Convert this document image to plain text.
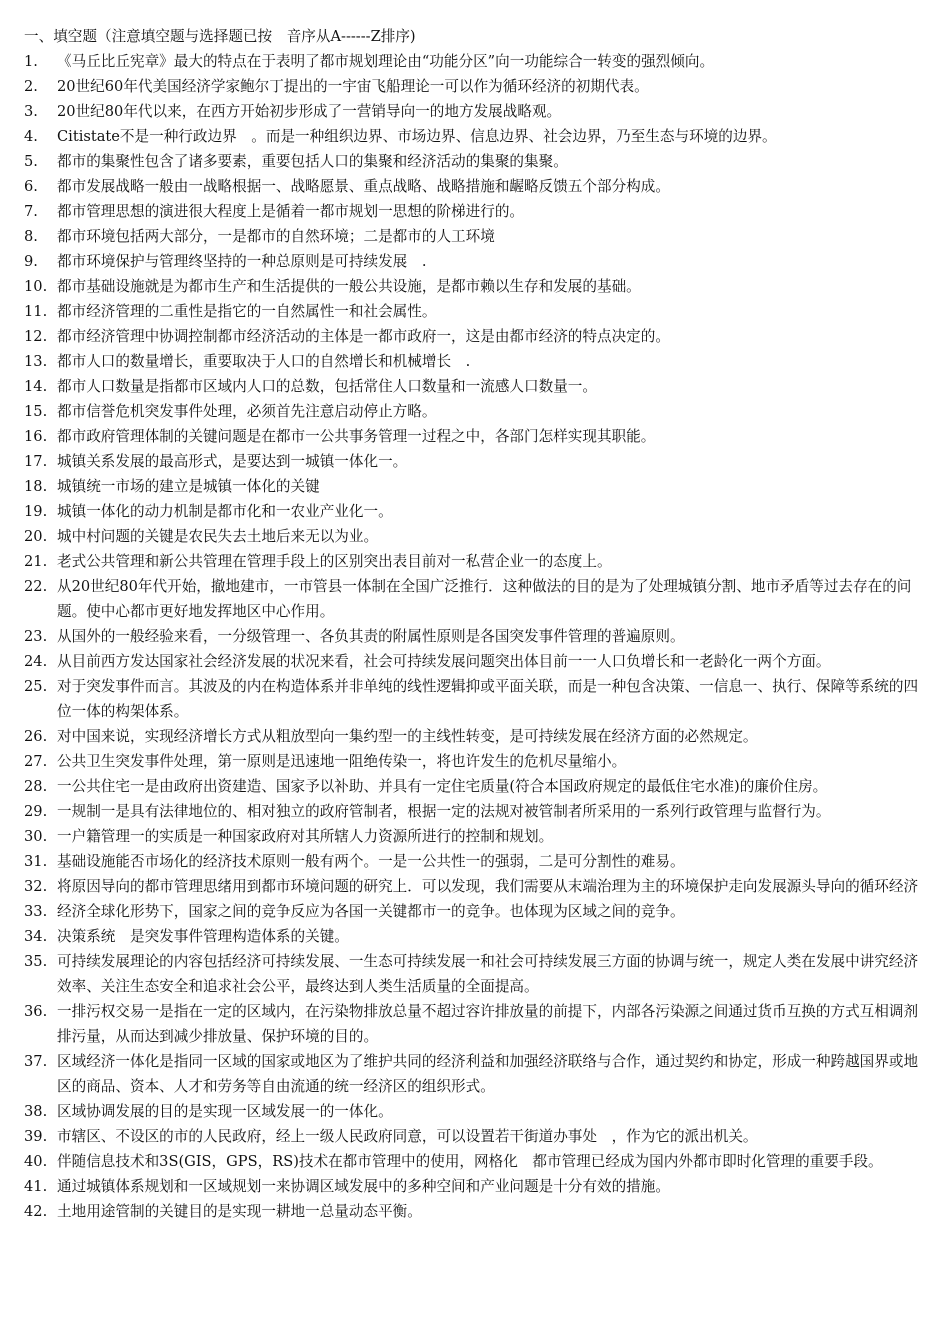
一、填空题（注意填空题与选择题已按　音序从A------Z排序)
1.	《马丘比丘宪章》最大的特点在于表明了都市规划理论由“功能分区”向一功能综合一转变的强烈倾向。
2.	20世纪60年代美国经济学家鲍尔丁提出的一宇宙飞船理论一可以作为循环经济的初期代表。
3.	20世纪80年代以来，在西方开始初步形成了一营销导向一的地方发展战略观。
4.	Citistate不是一种行政边界　。而是一种组织边界、市场边界、信息边界、社会边界，乃至生态与环境的边界。
5.	都市的集聚性包含了诸多要素，重要包括人口的集聚和经济活动的集聚的集聚。
6.	都市发展战略一般由一战略根据一、战略愿景、重点战略、战略措施和龌略反馈五个部分构成。
7.	都市管理思想的演进很大程度上是循着一都市规划一思想的阶梯进行的。
8.	都市环境包括两大部分，一是都市的自然环境；二是都市的人工环境
9.	都市环境保护与管理终坚持的一种总原则是可持续发展　.
10. 都市基础设施就是为都市生产和生活提供的一般公共设施，是都市赖以生存和发展的基础。
11. 都市经济管理的二重性是指它的一自然属性一和社会属性。
12. 都市经济管理中协调控制都市经济活动的主体是一都市政府一，这是由都市经济的特点决定的。
13. 都市人口的数量增长，重要取决于人口的自然增长和机械增长　.
14. 都市人口数量是指都市区域内人口的总数，包括常住人口数量和一流感人口数量一。
15. 都市信誉危机突发事件处理，必须首先注意启动停止方略。
16. 都市政府管理体制的关键问题是在都市一公共事务管理一过程之中，各部门怎样实现其职能。
17. 城镇关系发展的最高形式，是要达到一城镇一体化一。
18. 城镇统一市场的建立是城镇一体化的关键
19. 城镇一体化的动力机制是都市化和一农业产业化一。
20. 城中村问题的关键是农民失去土地后来无以为业。
21. 老式公共管理和新公共管理在管理手段上的区别突出表目前对一私营企业一的态度上。
22. 从20世纪80年代开始，撤地建市，一市管县一体制在全国广泛推行．这种做法的目的是为了处理城镇分割、地市矛盾等过去存在的问题。使中心都市更好地发挥地区中心作用。
23. 从国外的一般经验来看，一分级管理一、各负其责的附属性原则是各国突发事件管理的普遍原则。
24. 从目前西方发达国家社会经济发展的状况来看，社会可持续发展问题突出体目前一一人口负增长和一老龄化一两个方面。
25. 对于突发事件而言。其波及的内在构造体系并非单纯的线性逻辑抑或平面关联，而是一种包含决策、一信息一、执行、保障等系统的四位一体的构架体系。
26. 对中国来说，实现经济增长方式从粗放型向一集约型一的主线性转变，是可持续发展在经济方面的必然规定。
27. 公共卫生突发事件处理，第一原则是迅速地一阻绝传染一，将也许发生的危机尽量缩小。
28. 一公共住宅一是由政府出资建造、国家予以补助、并具有一定住宅质量(符合本国政府规定的最低住宅水准)的廉价住房。
29. 一规制一是具有法律地位的、相对独立的政府管制者，根据一定的法规对被管制者所采用的一系列行政管理与监督行为。
30. 一户籍管理一的实质是一种国家政府对其所辖人力资源所进行的控制和规划。
31. 基础设施能否市场化的经济技术原则一般有两个。一是一公共性一的强弱，二是可分割性的难易。
32. 将原因导向的都市管理思绪用到都市环境问题的研究上．可以发现，我们需要从末端治理为主的环境保护走向发展源头导向的循环经济
33. 经济全球化形势下，国家之间的竞争反应为各国一关键都市一的竞争。也体现为区域之间的竞争。
34. 决策系统　是突发事件管理构造体系的关键。
35. 可持续发展理论的内容包括经济可持续发展、一生态可持续发展一和社会可持续发展三方面的协调与统一，规定人类在发展中讲究经济效率、关注生态安全和追求社会公平，最终达到人类生活质量的全面提高。
36. 一排污权交易一是指在一定的区域内，在污染物排放总量不超过容许排放量的前提下，内部各污染源之间通过货币互换的方式互相调剂排污量，从而达到减少排放量、保护环境的目的。
37. 区域经济一体化是指同一区域的国家或地区为了维护共同的经济利益和加强经济联络与合作，通过契约和协定，形成一种跨越国界或地区的商品、资本、人才和劳务等自由流通的统一经济区的组织形式。
38. 区域协调发展的目的是实现一区域发展一的一体化。
39. 市辖区、不设区的市的人民政府，经上一级人民政府同意，可以设置若干街道办事处　，作为它的派出机关。
40. 伴随信息技术和3S(GIS，GPS，RS)技术在都市管理中的使用，网格化　都市管理已经成为国内外都市即时化管理的重要手段。
41. 通过城镇体系规划和一区域规划一来协调区域发展中的多种空间和产业问题是十分有效的措施。
42. 土地用途管制的关键目的是实现一耕地一总量动态平衡。
